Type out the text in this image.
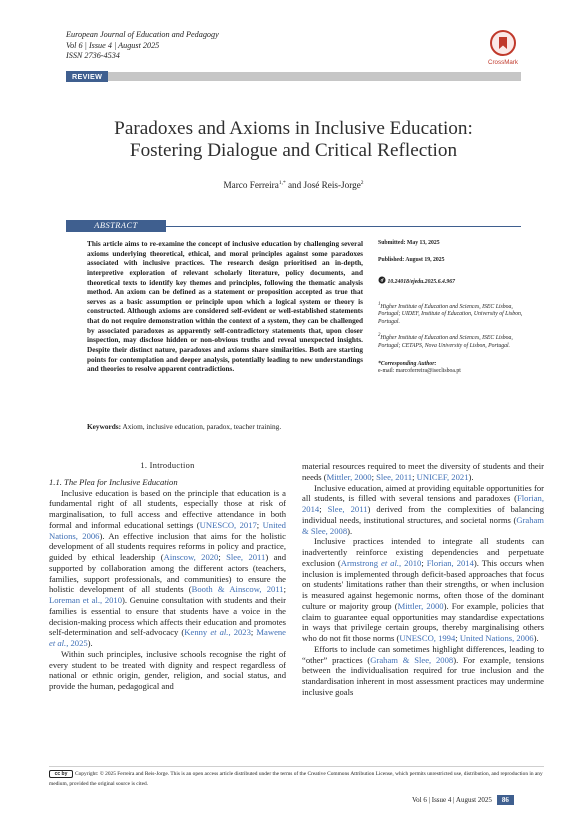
European Journal of Education and Pedagogy
Vol 6 | Issue 4 | August 2025
ISSN 2736-4534
CrossMark
REVIEW
Paradoxes and Axioms in Inclusive Education:
Fostering Dialogue and Critical Reflection
Marco Ferreira$^{1,*}$ and José Reis-Jorge$^2$
ABSTRACT
This article aims to re-examine the concept of inclusive education by challenging several axioms underlying theoretical, ethical, and moral principles against some paradoxes associated with inclusive practices. The research design prioritised an in-depth, interpretive exploration of relevant scholarly literature, policy documents, and theoretical texts to identify key themes and principles, following the thematic analysis method. An axiom can be defined as a statement or proposition accepted as true that serves as a basic assumption or principle upon which a logical system or theory is constructed. Although axioms are considered self-evident or well-established statements that do not require demonstration within the context of a system, they can be challenged by associated paradoxes as apparently self-contradictory statements that, upon closer inspection, may disclose hidden or non-obvious truths and reveal unexpected insights. Despite their distinct nature, paradoxes and axioms share similarities. Both are starting points for contemplation and deeper analysis, potentially leading to new understandings and theories to resolve apparent contradictions.
Submitted: May 13, 2025
Published: August 19, 2025
d 10.24018/ejedu.2025.6.4.967
$^1$Higher Institute of Education and Sciences, ISEC Lisboa, Portugal; UIDEF, Institute of Education, University of Lisbon, Portugal.
$^2$Higher Institute of Education and Sciences, ISEC Lisboa, Portugal; CETAPS, Nova University of Lisbon, Portugal.
*Corresponding Author:
e-mail: marcoferreira@iseclisboa.pt
Keywords: Axiom, inclusive education, paradox, teacher training.
1. Introduction
1.1. The Plea for Inclusive Education
Inclusive education is based on the principle that education is a fundamental right of all students, especially those at risk of marginalisation, to full access and effective attendance in both formal and informal educational settings (UNESCO, 2017; United Nations, 2006). An effective inclusion that aims for the holistic development of all students requires reforms in policy and practice, guided by ethical leadership (Ainscow, 2020; Slee, 2011) and supported by collaboration among the different actors (teachers, families, support professionals, and communities) to ensure the holistic development of all students (Booth & Ainscow, 2011; Loreman et al., 2010). Genuine consultation with students and their families is essential to ensure that students have a voice in the decision-making process which affects their education and promotes self-determination and self-advocacy (Kenny et al., 2023; Mawene et al., 2025).
Within such principles, inclusive schools recognise the right of every student to be treated with dignity and respect regardless of national or ethnic origin, gender, religion, and social status, and provide the human, pedagogical and
material resources required to meet the diversity of students and their needs (Mittler, 2000; Slee, 2011; UNICEF, 2021).
Inclusive education, aimed at providing equitable opportunities for all students, is filled with several tensions and paradoxes (Florian, 2014; Slee, 2011) derived from the complexities of balancing individual needs, institutional structures, and societal norms (Graham & Slee, 2008).
Inclusive practices intended to integrate all students can inadvertently reinforce existing dependencies and perpetuate exclusion (Armstrong et al., 2010; Florian, 2014). This occurs when inclusion is implemented through deficit-based approaches that focus on students' limitations rather than their strengths, or when inclusion is measured against hegemonic norms, often those of the dominant culture or majority group (Mittler, 2000). For example, policies that claim to guarantee equal opportunities may standardise expectations in ways that privilege certain groups, thereby marginalising others who do not fit those norms (UNESCO, 1994; United Nations, 2006).
Efforts to include can sometimes highlight differences, leading to “other” practices (Graham & Slee, 2008). For example, tensions between the individualisation required for true inclusion and the standardisation inherent in most assessment practices may undermine inclusive goals
cc by Copyright: © 2025 Ferreira and Reis-Jorge. This is an open access article distributed under the terms of the Creative Commons Attribution License, which permits unrestricted use, distribution, and reproduction in any medium, provided the original source is cited.
Vol 6 | Issue 4 | August 2025 86
